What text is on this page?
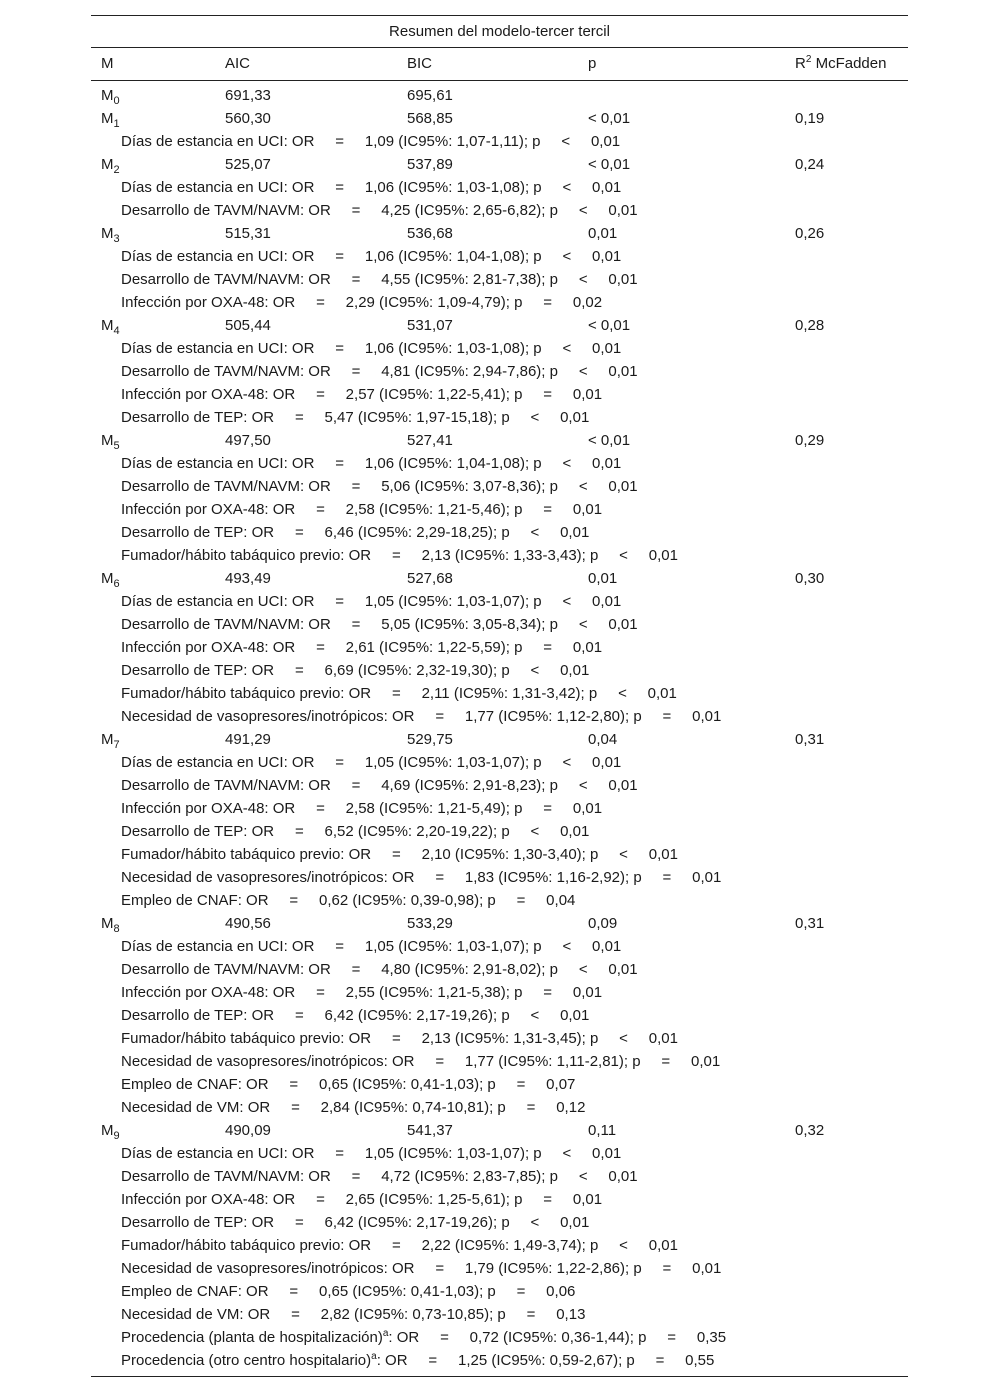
Resumen del modelo-tercer tercil
M	AIC	BIC	p	$R^2$ McFadden
$M_0$	691,33	695,61
$M_1$	560,30	568,85	< 0,01	0,19
Días de estancia en UCI: OR     =     1,09 (IC95%: 1,07-1,11); p     <     0,01
$M_2$	525,07	537,89	< 0,01	0,24
Días de estancia en UCI: OR     =     1,06 (IC95%: 1,03-1,08); p     <     0,01
Desarrollo de TAVM/NAVM: OR     =     4,25 (IC95%: 2,65-6,82); p     <     0,01
$M_3$	515,31	536,68	0,01	0,26
Días de estancia en UCI: OR     =     1,06 (IC95%: 1,04-1,08); p     <     0,01
Desarrollo de TAVM/NAVM: OR     =     4,55 (IC95%: 2,81-7,38); p     <     0,01
Infección por OXA-48: OR     =     2,29 (IC95%: 1,09-4,79); p     =     0,02
$M_4$	505,44	531,07	< 0,01	0,28
Días de estancia en UCI: OR     =     1,06 (IC95%: 1,03-1,08); p     <     0,01
Desarrollo de TAVM/NAVM: OR     =     4,81 (IC95%: 2,94-7,86); p     <     0,01
Infección por OXA-48: OR     =     2,57 (IC95%: 1,22-5,41); p     =     0,01
Desarrollo de TEP: OR     =     5,47 (IC95%: 1,97-15,18); p     <     0,01
$M_5$	497,50	527,41	< 0,01	0,29
Días de estancia en UCI: OR     =     1,06 (IC95%: 1,04-1,08); p     <     0,01
Desarrollo de TAVM/NAVM: OR     =     5,06 (IC95%: 3,07-8,36); p     <     0,01
Infección por OXA-48: OR     =     2,58 (IC95%: 1,21-5,46); p     =     0,01
Desarrollo de TEP: OR     =     6,46 (IC95%: 2,29-18,25); p     <     0,01
Fumador/hábito tabáquico previo: OR     =     2,13 (IC95%: 1,33-3,43); p     <     0,01
$M_6$	493,49	527,68	0,01	0,30
Días de estancia en UCI: OR     =     1,05 (IC95%: 1,03-1,07); p     <     0,01
Desarrollo de TAVM/NAVM: OR     =     5,05 (IC95%: 3,05-8,34); p     <     0,01
Infección por OXA-48: OR     =     2,61 (IC95%: 1,22-5,59); p     =     0,01
Desarrollo de TEP: OR     =     6,69 (IC95%: 2,32-19,30); p     <     0,01
Fumador/hábito tabáquico previo: OR     =     2,11 (IC95%: 1,31-3,42); p     <     0,01
Necesidad de vasopresores/inotrópicos: OR     =     1,77 (IC95%: 1,12-2,80); p     =     0,01
$M_7$	491,29	529,75	0,04	0,31
Días de estancia en UCI: OR     =     1,05 (IC95%: 1,03-1,07); p     <     0,01
Desarrollo de TAVM/NAVM: OR     =     4,69 (IC95%: 2,91-8,23); p     <     0,01
Infección por OXA-48: OR     =     2,58 (IC95%: 1,21-5,49); p     =     0,01
Desarrollo de TEP: OR     =     6,52 (IC95%: 2,20-19,22); p     <     0,01
Fumador/hábito tabáquico previo: OR     =     2,10 (IC95%: 1,30-3,40); p     <     0,01
Necesidad de vasopresores/inotrópicos: OR     =     1,83 (IC95%: 1,16-2,92); p     =     0,01
Empleo de CNAF: OR     =     0,62 (IC95%: 0,39-0,98); p     =     0,04
$M_8$	490,56	533,29	0,09	0,31
Días de estancia en UCI: OR     =     1,05 (IC95%: 1,03-1,07); p     <     0,01
Desarrollo de TAVM/NAVM: OR     =     4,80 (IC95%: 2,91-8,02); p     <     0,01
Infección por OXA-48: OR     =     2,55 (IC95%: 1,21-5,38); p     =     0,01
Desarrollo de TEP: OR     =     6,42 (IC95%: 2,17-19,26); p     <     0,01
Fumador/hábito tabáquico previo: OR     =     2,13 (IC95%: 1,31-3,45); p     <     0,01
Necesidad de vasopresores/inotrópicos: OR     =     1,77 (IC95%: 1,11-2,81); p     =     0,01
Empleo de CNAF: OR     =     0,65 (IC95%: 0,41-1,03); p     =     0,07
Necesidad de VM: OR     =     2,84 (IC95%: 0,74-10,81); p     =     0,12
$M_9$	490,09	541,37	0,11	0,32
Días de estancia en UCI: OR     =     1,05 (IC95%: 1,03-1,07); p     <     0,01
Desarrollo de TAVM/NAVM: OR     =     4,72 (IC95%: 2,83-7,85); p     <     0,01
Infección por OXA-48: OR     =     2,65 (IC95%: 1,25-5,61); p     =     0,01
Desarrollo de TEP: OR     =     6,42 (IC95%: 2,17-19,26); p     <     0,01
Fumador/hábito tabáquico previo: OR     =     2,22 (IC95%: 1,49-3,74); p     <     0,01
Necesidad de vasopresores/inotrópicos: OR     =     1,79 (IC95%: 1,22-2,86); p     =     0,01
Empleo de CNAF: OR     =     0,65 (IC95%: 0,41-1,03); p     =     0,06
Necesidad de VM: OR     =     2,82 (IC95%: 0,73-10,85); p     =     0,13
Procedencia (planta de hospitalización)$^a$: OR     =     0,72 (IC95%: 0,36-1,44); p     =     0,35
Procedencia (otro centro hospitalario)$^a$: OR     =     1,25 (IC95%: 0,59-2,67); p     =     0,55
